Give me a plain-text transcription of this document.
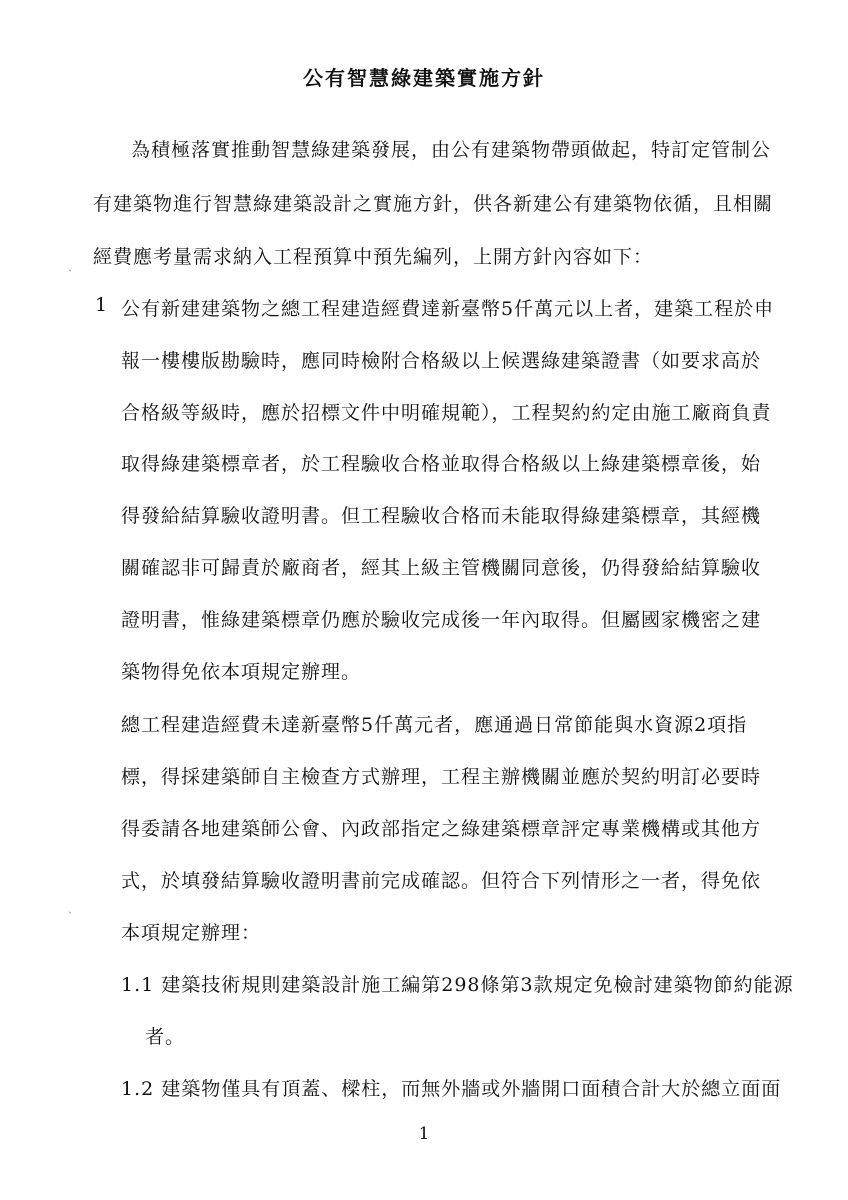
公有智慧綠建築實施方針
為積極落實推動智慧綠建築發展，由公有建築物帶頭做起，特訂定管制公
有建築物進行智慧綠建築設計之實施方針，供各新建公有建築物依循，且相關
經費應考量需求納入工程預算中預先編列，上開方針內容如下：
ˎ
1 公有新建建築物之總工程建造經費達新臺幣5仟萬元以上者，建築工程於申
報一樓樓版勘驗時，應同時檢附合格級以上候選綠建築證書（如要求高於
合格級等級時，應於招標文件中明確規範），工程契約約定由施工廠商負責
取得綠建築標章者，於工程驗收合格並取得合格級以上綠建築標章後，始
得發給結算驗收證明書。但工程驗收合格而未能取得綠建築標章，其經機
關確認非可歸責於廠商者，經其上級主管機關同意後，仍得發給結算驗收
證明書，惟綠建築標章仍應於驗收完成後一年內取得。但屬國家機密之建
築物得免依本項規定辦理。
總工程建造經費未達新臺幣5仟萬元者，應通過日常節能與水資源2項指
標，得採建築師自主檢查方式辦理，工程主辦機關並應於契約明訂必要時
得委請各地建築師公會、內政部指定之綠建築標章評定專業機構或其他方
式，於填發結算驗收證明書前完成確認。但符合下列情形之一者，得免依
本項規定辦理：
ˎ
1.1 建築技術規則建築設計施工編第298條第3款規定免檢討建築物節約能源
者。
1.2 建築物僅具有頂蓋、樑柱，而無外牆或外牆開口面積合計大於總立面面
1
